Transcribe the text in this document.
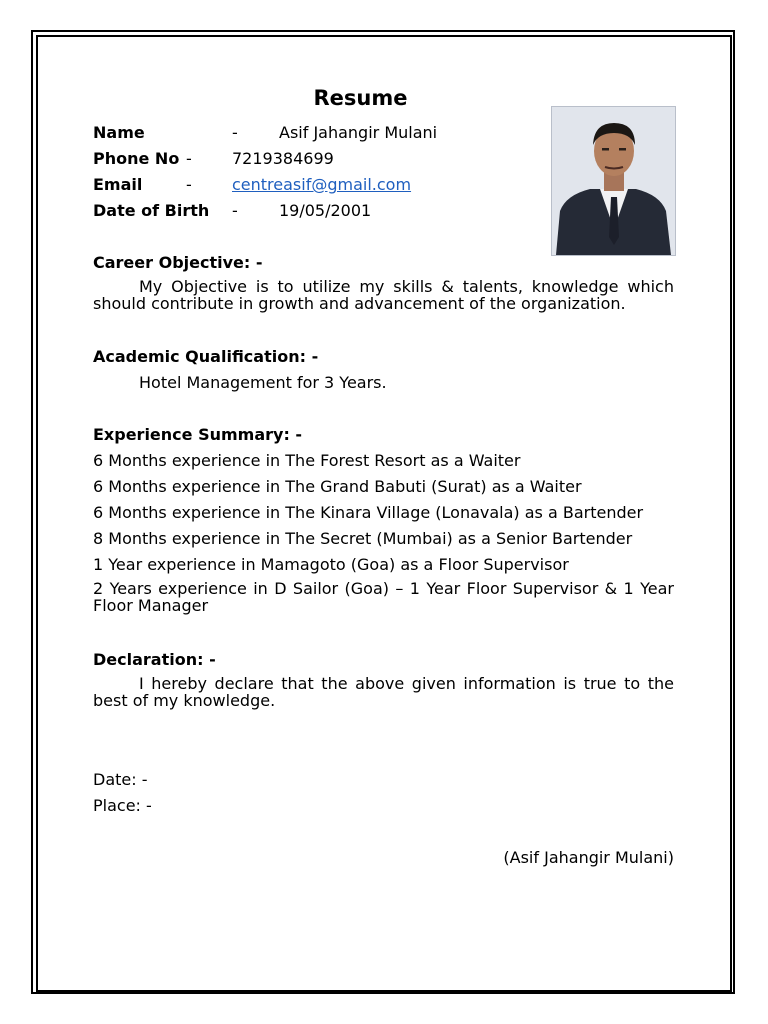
Resume
Name	-	Asif Jahangir Mulani
Phone No -	7219384699
Email	-	centreasif@gmail.com
Date of Birth -	19/05/2001
Career Objective: -
My Objective is to utilize my skills & talents, knowledge which should contribute in growth and advancement of the organization.
Academic Qualification: -
Hotel Management for 3 Years.
Experience Summary: -
6 Months experience in The Forest Resort as a Waiter
6 Months experience in The Grand Babuti (Surat) as a Waiter
6 Months experience in The Kinara Village (Lonavala) as a Bartender
8 Months experience in The Secret (Mumbai) as a Senior Bartender
1 Year experience in Mamagoto (Goa) as a Floor Supervisor
2 Years experience in D Sailor (Goa) – 1 Year Floor Supervisor & 1 Year Floor Manager
Declaration: -
I hereby declare that the above given information is true to the best of my knowledge.
Date: -
Place: -
(Asif Jahangir Mulani)
